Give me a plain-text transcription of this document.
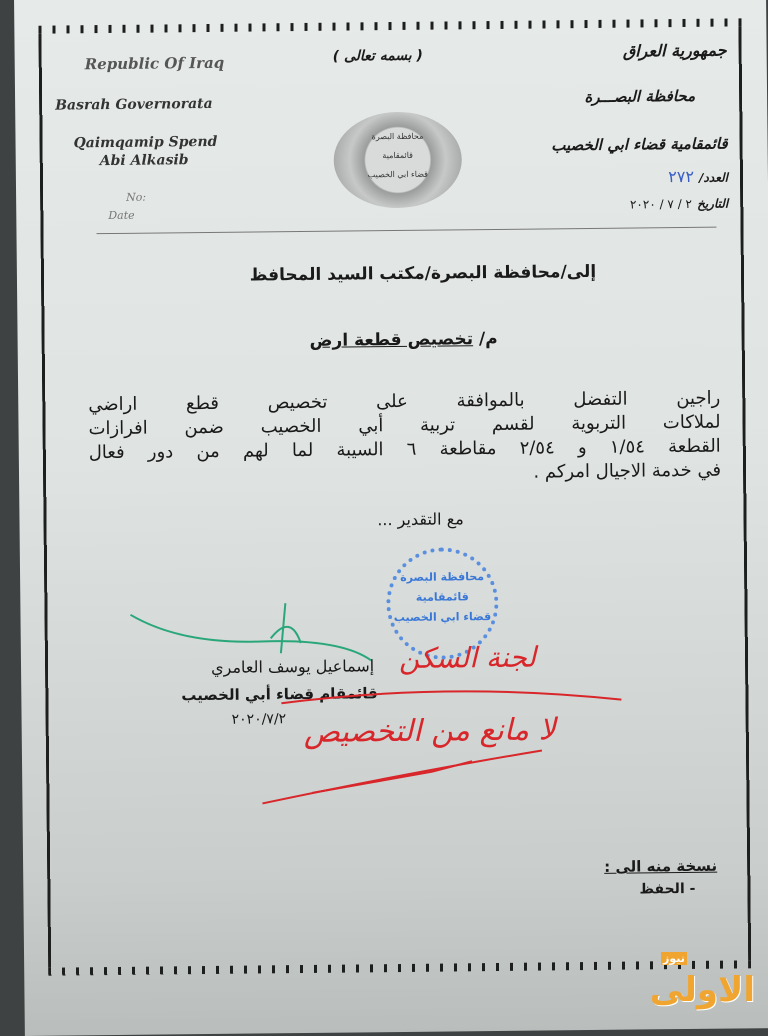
Republic Of Iraq	( بسمه تعالى )	جمهورية العراق
Basrah Governorata	محافظة البصـــرة
Qaimqamip Spend
Abi Alkasib
قائمقامية قضاء ابي الخصيب
No:
Date
العدد/ ٢٧٢
التاريخ ٢ / ٧ / ٢٠٢٠
محافظة البصرة
قائمقامية
قضاء ابي الخصيب
إلى/محافظة البصرة/مكتب السيد المحافظ
م/ تخصيص قطعة ارض
راجين التفضل بالموافقة على تخصيص قطع اراضي
لملاكات التربوية لقسم تربية أبي الخصيب ضمن افرازات
القطعة ١/٥٤ و ٢/٥٤ مقاطعة ٦ السيبة لما لهم من دور فعال
في خدمة الاجيال امركم .
مع التقدير ...
إسماعيل يوسف العامري
قائمقام قضاء أبي الخصيب
٢٠٢٠/٧/٢
محافظة البصرة
قائمقامية
قضاء ابي الخصيب
لجنة السكن
لا مانع من التخصيص
نسخة منه الى :
- الحفظ
نيوز
الاولى
